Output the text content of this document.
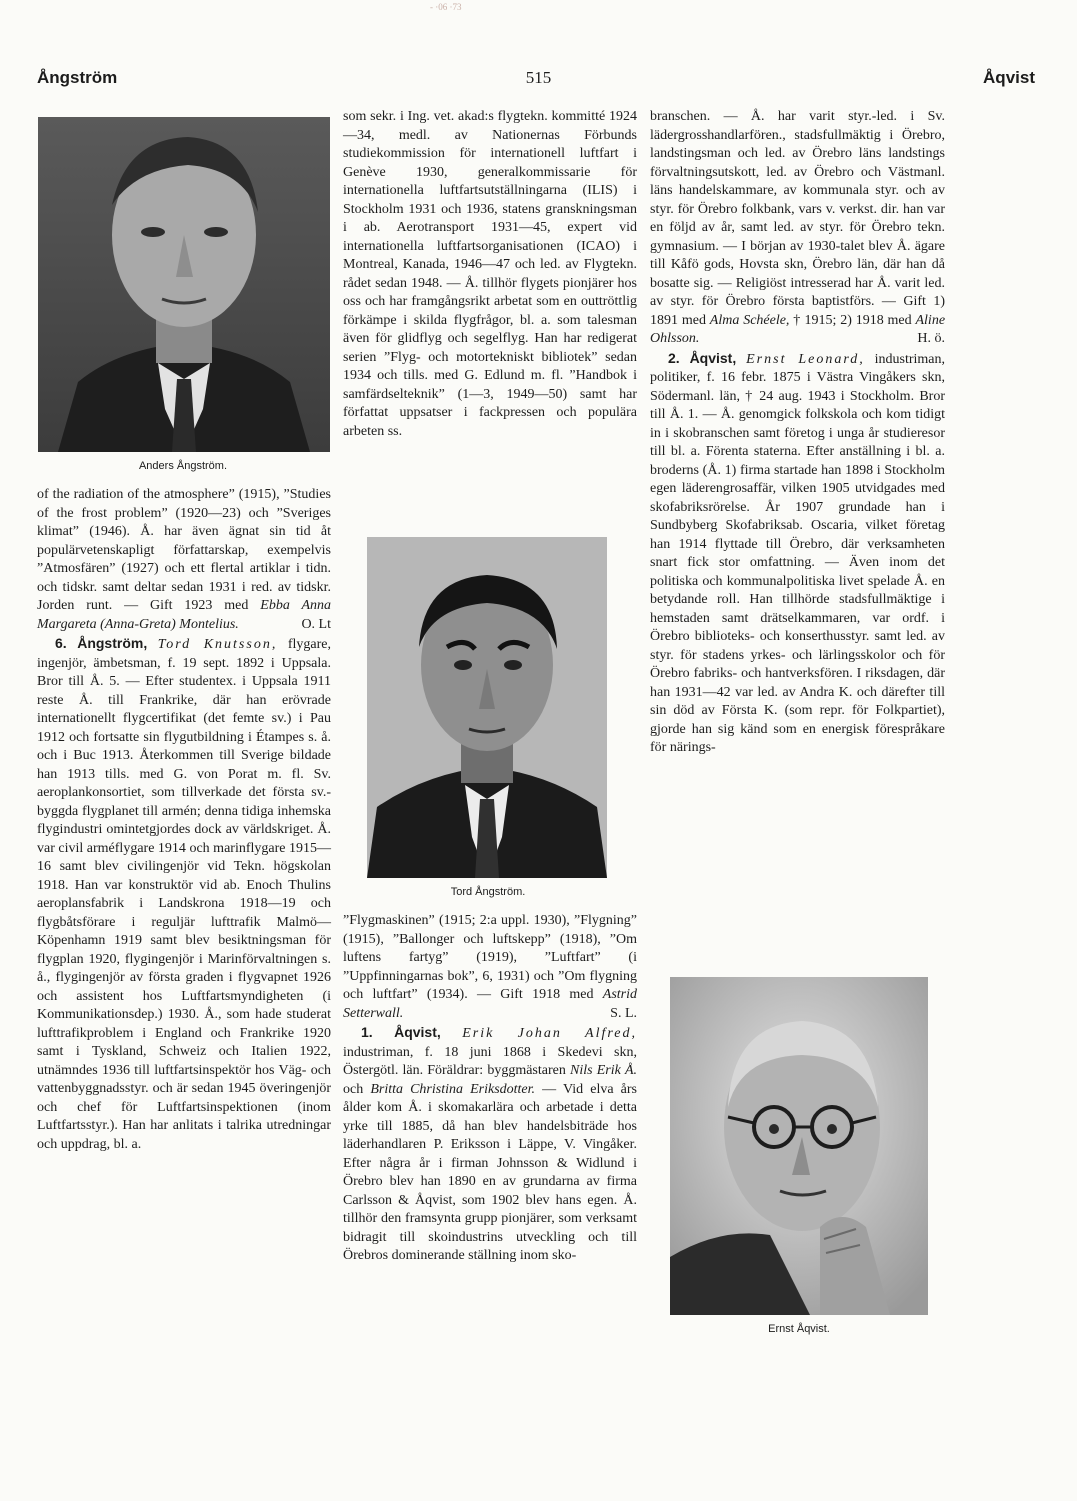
- ·06 ·73
Ångström	515	Åqvist
Anders Ångström.

of the radiation of the atmosphere” (1915), ”Studies of the frost problem” (1920—23) och ”Sveriges klimat” (1946). Å. har även ägnat sin tid åt populärvetenskapligt författarskap, exempelvis ”Atmosfären” (1927) och ett flertal artiklar i tidn. och tidskr. samt deltar sedan 1931 i red. av tidskr. Jorden runt. — Gift 1923 med Ebba Anna Margareta (Anna-Greta) Montelius.	O. Lt

6. Ångström, Tord Knutsson, flygare, ingenjör, ämbetsman, f. 19 sept. 1892 i Uppsala. Bror till Å. 5. — Efter studentex. i Uppsala 1911 reste Å. till Frankrike, där han erövrade internationellt flygcertifikat (det femte sv.) i Pau 1912 och fortsatte sin flygutbildning i Étampes s. å. och i Buc 1913. Återkommen till Sverige bildade han 1913 tills. med G. von Porat m. fl. Sv. aeroplankonsortiet, som tillverkade det första sv.-byggda flygplanet till armén; denna tidiga inhemska flygindustri omintetgjordes dock av världskriget. Å. var civil arméflygare 1914 och marinflygare 1915—16 samt blev civilingenjör vid Tekn. högskolan 1918. Han var konstruktör vid ab. Enoch Thulins aeroplansfabrik i Landskrona 1918—19 och flygbåtsförare i reguljär lufttrafik Malmö—Köpenhamn 1919 samt blev besiktningsman för flygplan 1920, flygingenjör i Marinförvaltningen s. å., flygingenjör av första graden i flygvapnet 1926 och assistent hos Luftfartsmyndigheten (i Kommunikationsdep.) 1930. Å., som hade studerat lufttrafikproblem i England och Frankrike 1920 samt i Tyskland, Schweiz och Italien 1922, utnämndes 1936 till luftfartsinspektör hos Väg- och vattenbyggnadsstyr. och är sedan 1945 överingenjör och chef för Luftfartsinspektionen (inom Luftfartsstyr.). Han har anlitats i talrika utredningar och uppdrag, bl. a.

som sekr. i Ing. vet. akad:s flygtekn. kommitté 1924—34, medl. av Nationernas Förbunds studiekommission för internationell luftfart i Genève 1930, generalkommissarie för internationella luftfartsutställningarna (ILIS) i Stockholm 1931 och 1936, statens granskningsman i ab. Aerotransport 1931—45, expert vid internationella luftfartsorganisationen (ICAO) i Montreal, Kanada, 1946—47 och led. av Flygtekn. rådet sedan 1948. — Å. tillhör flygets pionjärer hos oss och har framgångsrikt arbetat som en outtröttlig förkämpe i skilda flygfrågor, bl. a. som talesman även för glidflyg och segelflyg. Han har redigerat serien ”Flyg- och motortekniskt bibliotek” sedan 1934 och tills. med G. Edlund m. fl. ”Handbok i samfärdselteknik” (1—3, 1949—50) samt har författat uppsatser i fackpressen och populära arbeten ss.

Tord Ångström.

”Flygmaskinen” (1915; 2:a uppl. 1930), ”Flygning” (1915), ”Ballonger och luftskepp” (1918), ”Om luftens fartyg” (1919), ”Luftfart” (i ”Uppfinningarnas bok”, 6, 1931) och ”Om flygning och luftfart” (1934). — Gift 1918 med Astrid Setterwall.	S. L.

1. Åqvist, Erik Johan Alfred, industriman, f. 18 juni 1868 i Skedevi skn, Östergötl. län. Föräldrar: byggmästaren Nils Erik Å. och Britta Christina Eriksdotter. — Vid elva års ålder kom Å. i skomakarlära och arbetade i detta yrke till 1885, då han blev handelsbiträde hos läderhandlaren P. Eriksson i Läppe, V. Vingåker. Efter några år i firman Johnsson & Widlund i Örebro blev han 1890 en av grundarna av firma Carlsson & Åqvist, som 1902 blev hans egen. Å. tillhör den framsynta grupp pionjärer, som verksamt bidragit till skoindustrins utveckling och till Örebros dominerande ställning inom sko-

branschen. — Å. har varit styr.-led. i Sv. lädergrosshandlarfören., stadsfullmäktig i Örebro, landstingsman och led. av Örebro läns landstings förvaltningsutskott, led. av Örebro och Västmanl. läns handelskammare, av kommunala styr. och av styr. för Örebro folkbank, vars v. verkst. dir. han var en följd av år, samt led. av styr. för Örebro tekn. gymnasium. — I början av 1930-talet blev Å. ägare till Kåfö gods, Hovsta skn, Örebro län, där han då bosatte sig. — Religiöst intresserad har Å. varit led. av styr. för Örebro första baptistförs. — Gift 1) 1891 med Alma Schéele, † 1915; 2) 1918 med Aline Ohlsson.	H. ö.

2. Åqvist, Ernst Leonard, industriman, politiker, f. 16 febr. 1875 i Västra Vingåkers skn, Södermanl. län, † 24 aug. 1943 i Stockholm. Bror till Å. 1. — Å. genomgick folkskola och kom tidigt in i skobranschen samt företog i unga år studieresor till bl. a. Förenta staterna. Efter anställning i bl. a. broderns (Å. 1) firma startade han 1898 i Stockholm egen läderengrosaffär, vilken 1905 utvidgades med skofabriksrörelse. År 1907 grundade han i Sundbyberg Skofabriksab. Oscaria, vilket företag han 1914 flyttade till Örebro, där verksamheten snart fick stor omfattning. — Även inom det politiska och kommunalpolitiska livet spelade Å. en betydande roll. Han tillhörde stadsfullmäktige i hemstaden samt drätselkammaren, var ordf. i Örebro biblioteks- och konserthusstyr. samt led. av styr. för stadens yrkes- och lärlingsskolor och för Örebro fabriks- och hantverksfören. I riksdagen, där han 1931—42 var led. av Andra K. och därefter till sin död av Första K. (som repr. för Folkpartiet), gjorde han sig känd som en energisk förespråkare för närings-

Ernst Åqvist.
